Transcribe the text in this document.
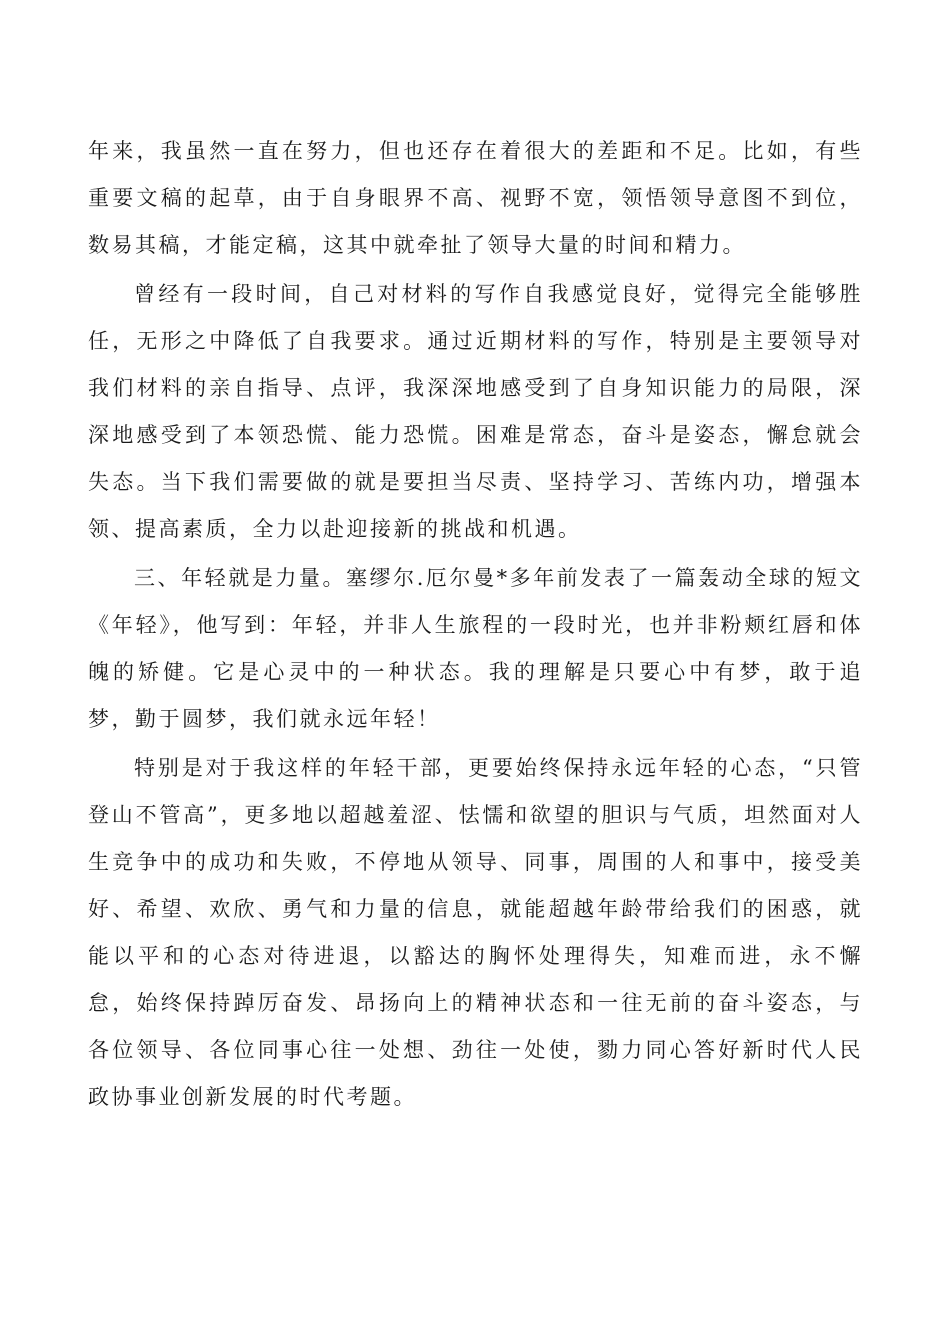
年来，我虽然一直在努力，但也还存在着很大的差距和不足。比如，有些重要文稿的起草，由于自身眼界不高、视野不宽，领悟领导意图不到位，数易其稿，才能定稿，这其中就牵扯了领导大量的时间和精力。

曾经有一段时间，自己对材料的写作自我感觉良好，觉得完全能够胜任，无形之中降低了自我要求。通过近期材料的写作，特别是主要领导对我们材料的亲自指导、点评，我深深地感受到了自身知识能力的局限，深深地感受到了本领恐慌、能力恐慌。困难是常态，奋斗是姿态，懈怠就会失态。当下我们需要做的就是要担当尽责、坚持学习、苦练内功，增强本领、提高素质，全力以赴迎接新的挑战和机遇。

三、年轻就是力量。塞缪尔.厄尔曼*多年前发表了一篇轰动全球的短文《年轻》，他写到：年轻，并非人生旅程的一段时光，也并非粉颊红唇和体魄的矫健。它是心灵中的一种状态。我的理解是只要心中有梦，敢于追梦，勤于圆梦，我们就永远年轻！

特别是对于我这样的年轻干部，更要始终保持永远年轻的心态，“只管登山不管高”，更多地以超越羞涩、怯懦和欲望的胆识与气质，坦然面对人生竞争中的成功和失败，不停地从领导、同事，周围的人和事中，接受美好、希望、欢欣、勇气和力量的信息，就能超越年龄带给我们的困惑，就能以平和的心态对待进退，以豁达的胸怀处理得失，知难而进，永不懈怠，始终保持踔厉奋发、昂扬向上的精神状态和一往无前的奋斗姿态，与各位领导、各位同事心往一处想、劲往一处使，勠力同心答好新时代人民政协事业创新发展的时代考题。
